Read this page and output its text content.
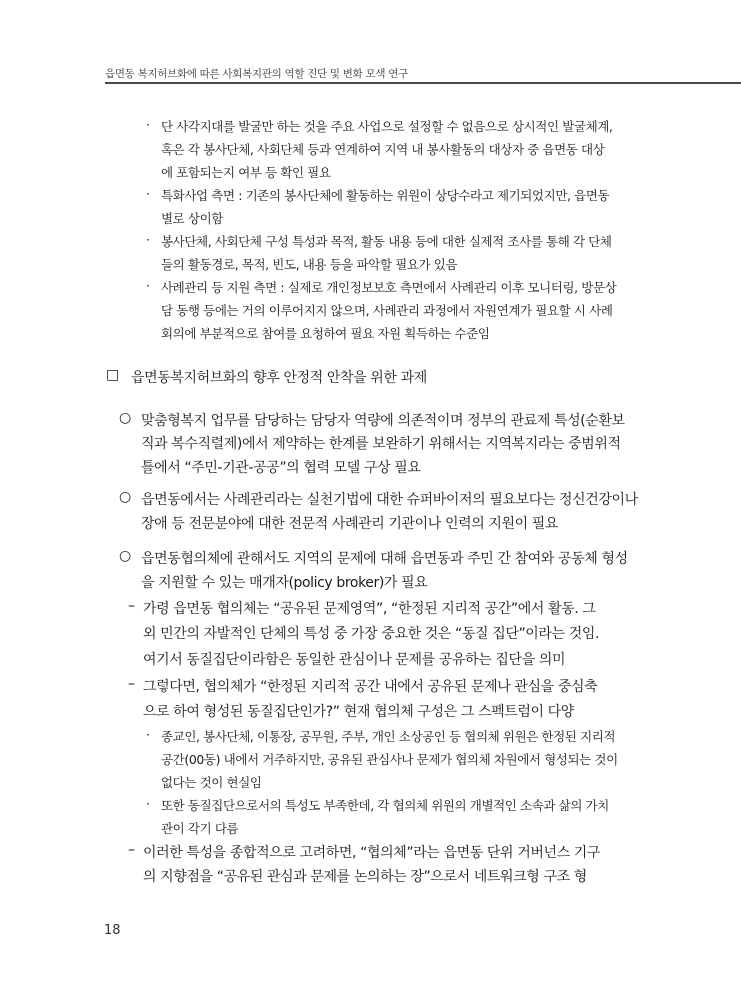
읍면동 복지허브화에 따른 사회복지관의 역할 진단 및 변화 모색 연구
· 단 사각지대를 발굴만 하는 것을 주요 사업으로 설정할 수 없음으로 상시적인 발굴체계,
혹은 각 봉사단체, 사회단체 등과 연계하여 지역 내 봉사활동의 대상자 중 읍면동 대상
에 포함되는지 여부 등 확인 필요
· 특화사업 측면 : 기존의 봉사단체에 활동하는 위원이 상당수라고 제기되었지만, 읍면동
별로 상이함
· 봉사단체, 사회단체 구성 특성과 목적, 활동 내용 등에 대한 실제적 조사를 통해 각 단체
들의 활동경로, 목적, 빈도, 내용 등을 파악할 필요가 있음
· 사례관리 등 지원 측면 : 실제로 개인정보보호 측면에서 사례관리 이후 모니터링, 방문상
담 동행 등에는 거의 이루어지지 않으며, 사례관리 과정에서 자원연계가 필요할 시 사례
회의에 부분적으로 참여를 요청하여 필요 자원 획득하는 수준임
□ 읍면동복지허브화의 향후 안정적 안착을 위한 과제
○ 맞춤형복지 업무를 담당하는 담당자 역량에 의존적이며 정부의 관료제 특성(순환보
직과 복수직렬제)에서 제약하는 한계를 보완하기 위해서는 지역복지라는 중범위적
틀에서 “주민-기관-공공”의 협력 모델 구상 필요
○ 읍면동에서는 사례관리라는 실천기법에 대한 슈퍼바이저의 필요보다는 정신건강이나
장애 등 전문분야에 대한 전문적 사례관리 기관이나 인력의 지원이 필요
○ 읍면동협의체에 관해서도 지역의 문제에 대해 읍면동과 주민 간 참여와 공동체 형성
을 지원할 수 있는 매개자(policy broker)가 필요
– 가령 읍면동 협의체는 “공유된 문제영역”, “한정된 지리적 공간”에서 활동. 그
외 민간의 자발적인 단체의 특성 중 가장 중요한 것은 “동질 집단”이라는 것임.
여기서 동질집단이라함은 동일한 관심이나 문제를 공유하는 집단을 의미
– 그렇다면, 협의체가 “한정된 지리적 공간 내에서 공유된 문제나 관심을 중심축
으로 하여 형성된 동질집단인가?” 현재 협의체 구성은 그 스펙트럼이 다양
· 종교인, 봉사단체, 이통장, 공무원, 주부, 개인 소상공인 등 협의체 위원은 한정된 지리적
공간(00동) 내에서 거주하지만, 공유된 관심사나 문제가 협의체 차원에서 형성되는 것이
없다는 것이 현실임
· 또한 동질집단으로서의 특성도 부족한데, 각 협의체 위원의 개별적인 소속과 삶의 가치
관이 각기 다름
– 이러한 특성을 종합적으로 고려하면, “협의체”라는 읍면동 단위 거버넌스 기구
의 지향점을 “공유된 관심과 문제를 논의하는 장”으로서 네트워크형 구조 형
18
